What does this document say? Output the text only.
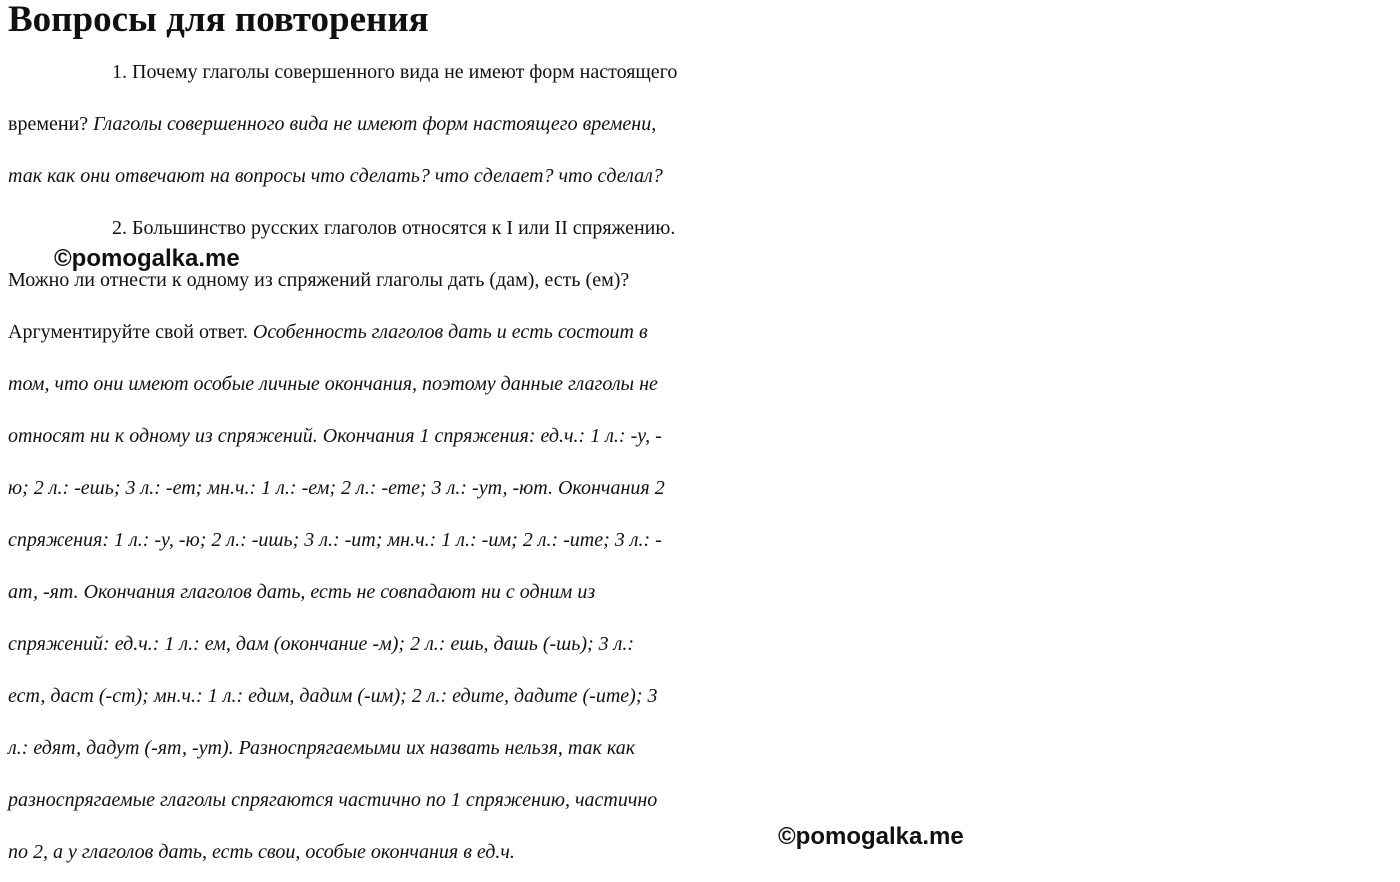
Вопросы для повторения

1. Почему глаголы совершенного вида не имеют форм настоящего

времени? Глаголы совершенного вида не имеют форм настоящего времени,

так как они отвечают на вопросы что сделать? что сделает? что сделал?

2. Большинство русских глаголов относятся к I или II спряжению.

Можно ли отнести к одному из спряжений глаголы дать (дам), есть (ем)?

Аргументируйте свой ответ. Особенность глаголов дать и есть состоит в

том, что они имеют особые личные окончания, поэтому данные глаголы не

относят ни к одному из спряжений. Окончания 1 спряжения: ед.ч.: 1 л.: -у, -

ю; 2 л.: -ешь; 3 л.: -ет; мн.ч.: 1 л.: -ем; 2 л.: -ете; 3 л.: -ут, -ют. Окончания 2

спряжения: 1 л.: -у, -ю; 2 л.: -ишь; 3 л.: -ит; мн.ч.: 1 л.: -им; 2 л.: -ите; 3 л.: -

ат, -ят. Окончания глаголов дать, есть не совпадают ни с одним из

спряжений: ед.ч.: 1 л.: ем, дам (окончание -м); 2 л.: ешь, дашь (-шь); 3 л.:

ест, даст (-ст); мн.ч.: 1 л.: едим, дадим (-им); 2 л.: едите, дадите (-ите); 3

л.: едят, дадут (-ят, -ут). Разноспрягаемыми их назвать нельзя, так как

разноспрягаемые глаголы спрягаются частично по 1 спряжению, частично

по 2, а у глаголов дать, есть свои, особые окончания в ед.ч.

©pomogalka.me
©pomogalka.me
